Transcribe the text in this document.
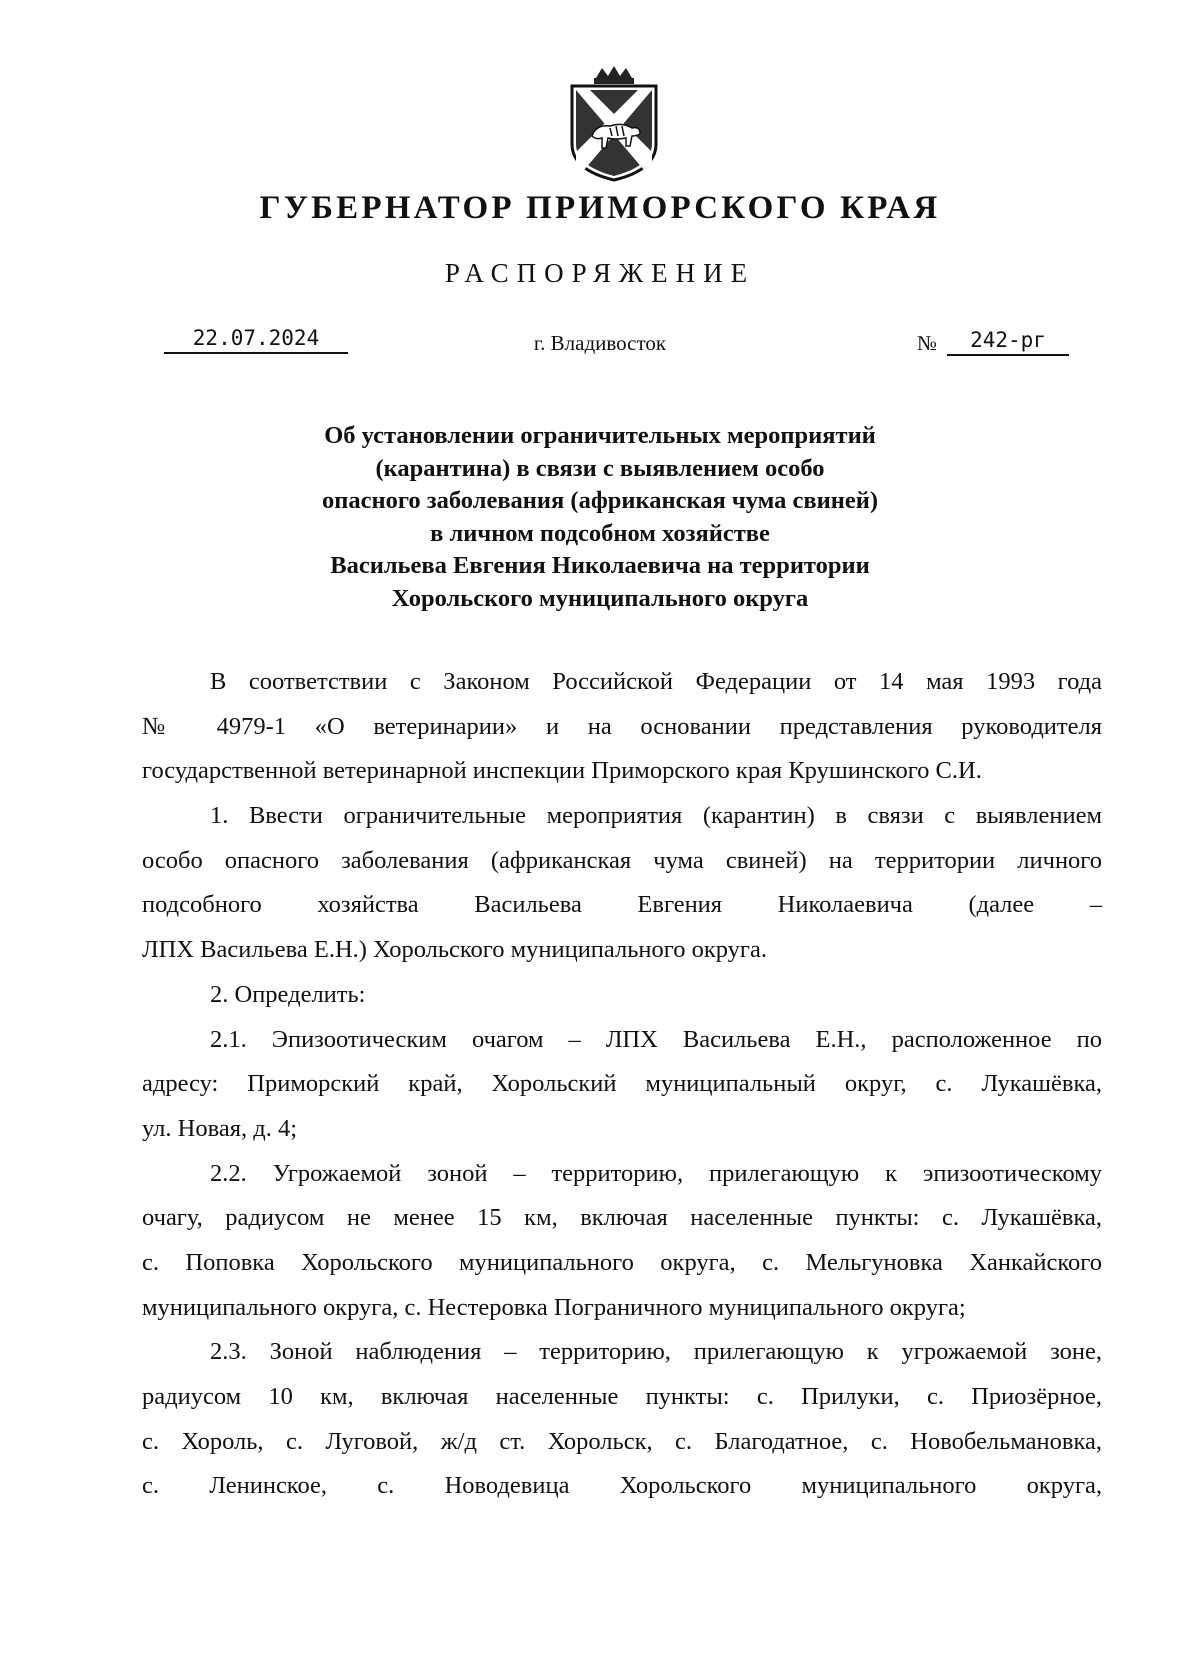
ГУБЕРНАТОР ПРИМОРСКОГО КРАЯ
РАСПОРЯЖЕНИЕ
22.07.2024	г. Владивосток	№	242-рг
Об установлении ограничительных мероприятий
(карантина) в связи с выявлением особо
опасного заболевания (африканская чума свиней)
в личном подсобном хозяйстве
Васильева Евгения Николаевича на территории
Хорольского муниципального округа
В соответствии с Законом Российской Федерации от 14 мая 1993 года
№ 4979-1 «О ветеринарии» и на основании представления руководителя
государственной ветеринарной инспекции Приморского края Крушинского С.И.
1. Ввести ограничительные мероприятия (карантин) в связи с выявлением
особо опасного заболевания (африканская чума свиней) на территории личного
подсобного хозяйства Васильева Евгения Николаевича (далее –
ЛПХ Васильева Е.Н.) Хорольского муниципального округа.
2. Определить:
2.1. Эпизоотическим очагом – ЛПХ Васильева Е.Н., расположенное по
адресу: Приморский край, Хорольский муниципальный округ, с. Лукашёвка,
ул. Новая, д. 4;
2.2. Угрожаемой зоной – территорию, прилегающую к эпизоотическому
очагу, радиусом не менее 15 км, включая населенные пункты: с. Лукашёвка,
с. Поповка Хорольского муниципального округа, с. Мельгуновка Ханкайского
муниципального округа, с. Нестеровка Пограничного муниципального округа;
2.3. Зоной наблюдения – территорию, прилегающую к угрожаемой зоне,
радиусом 10 км, включая населенные пункты: с. Прилуки, с. Приозёрное,
с. Хороль, с. Луговой, ж/д ст. Хорольск, с. Благодатное, с. Новобельмановка,
с. Ленинское, с. Новодевица Хорольского муниципального округа,
